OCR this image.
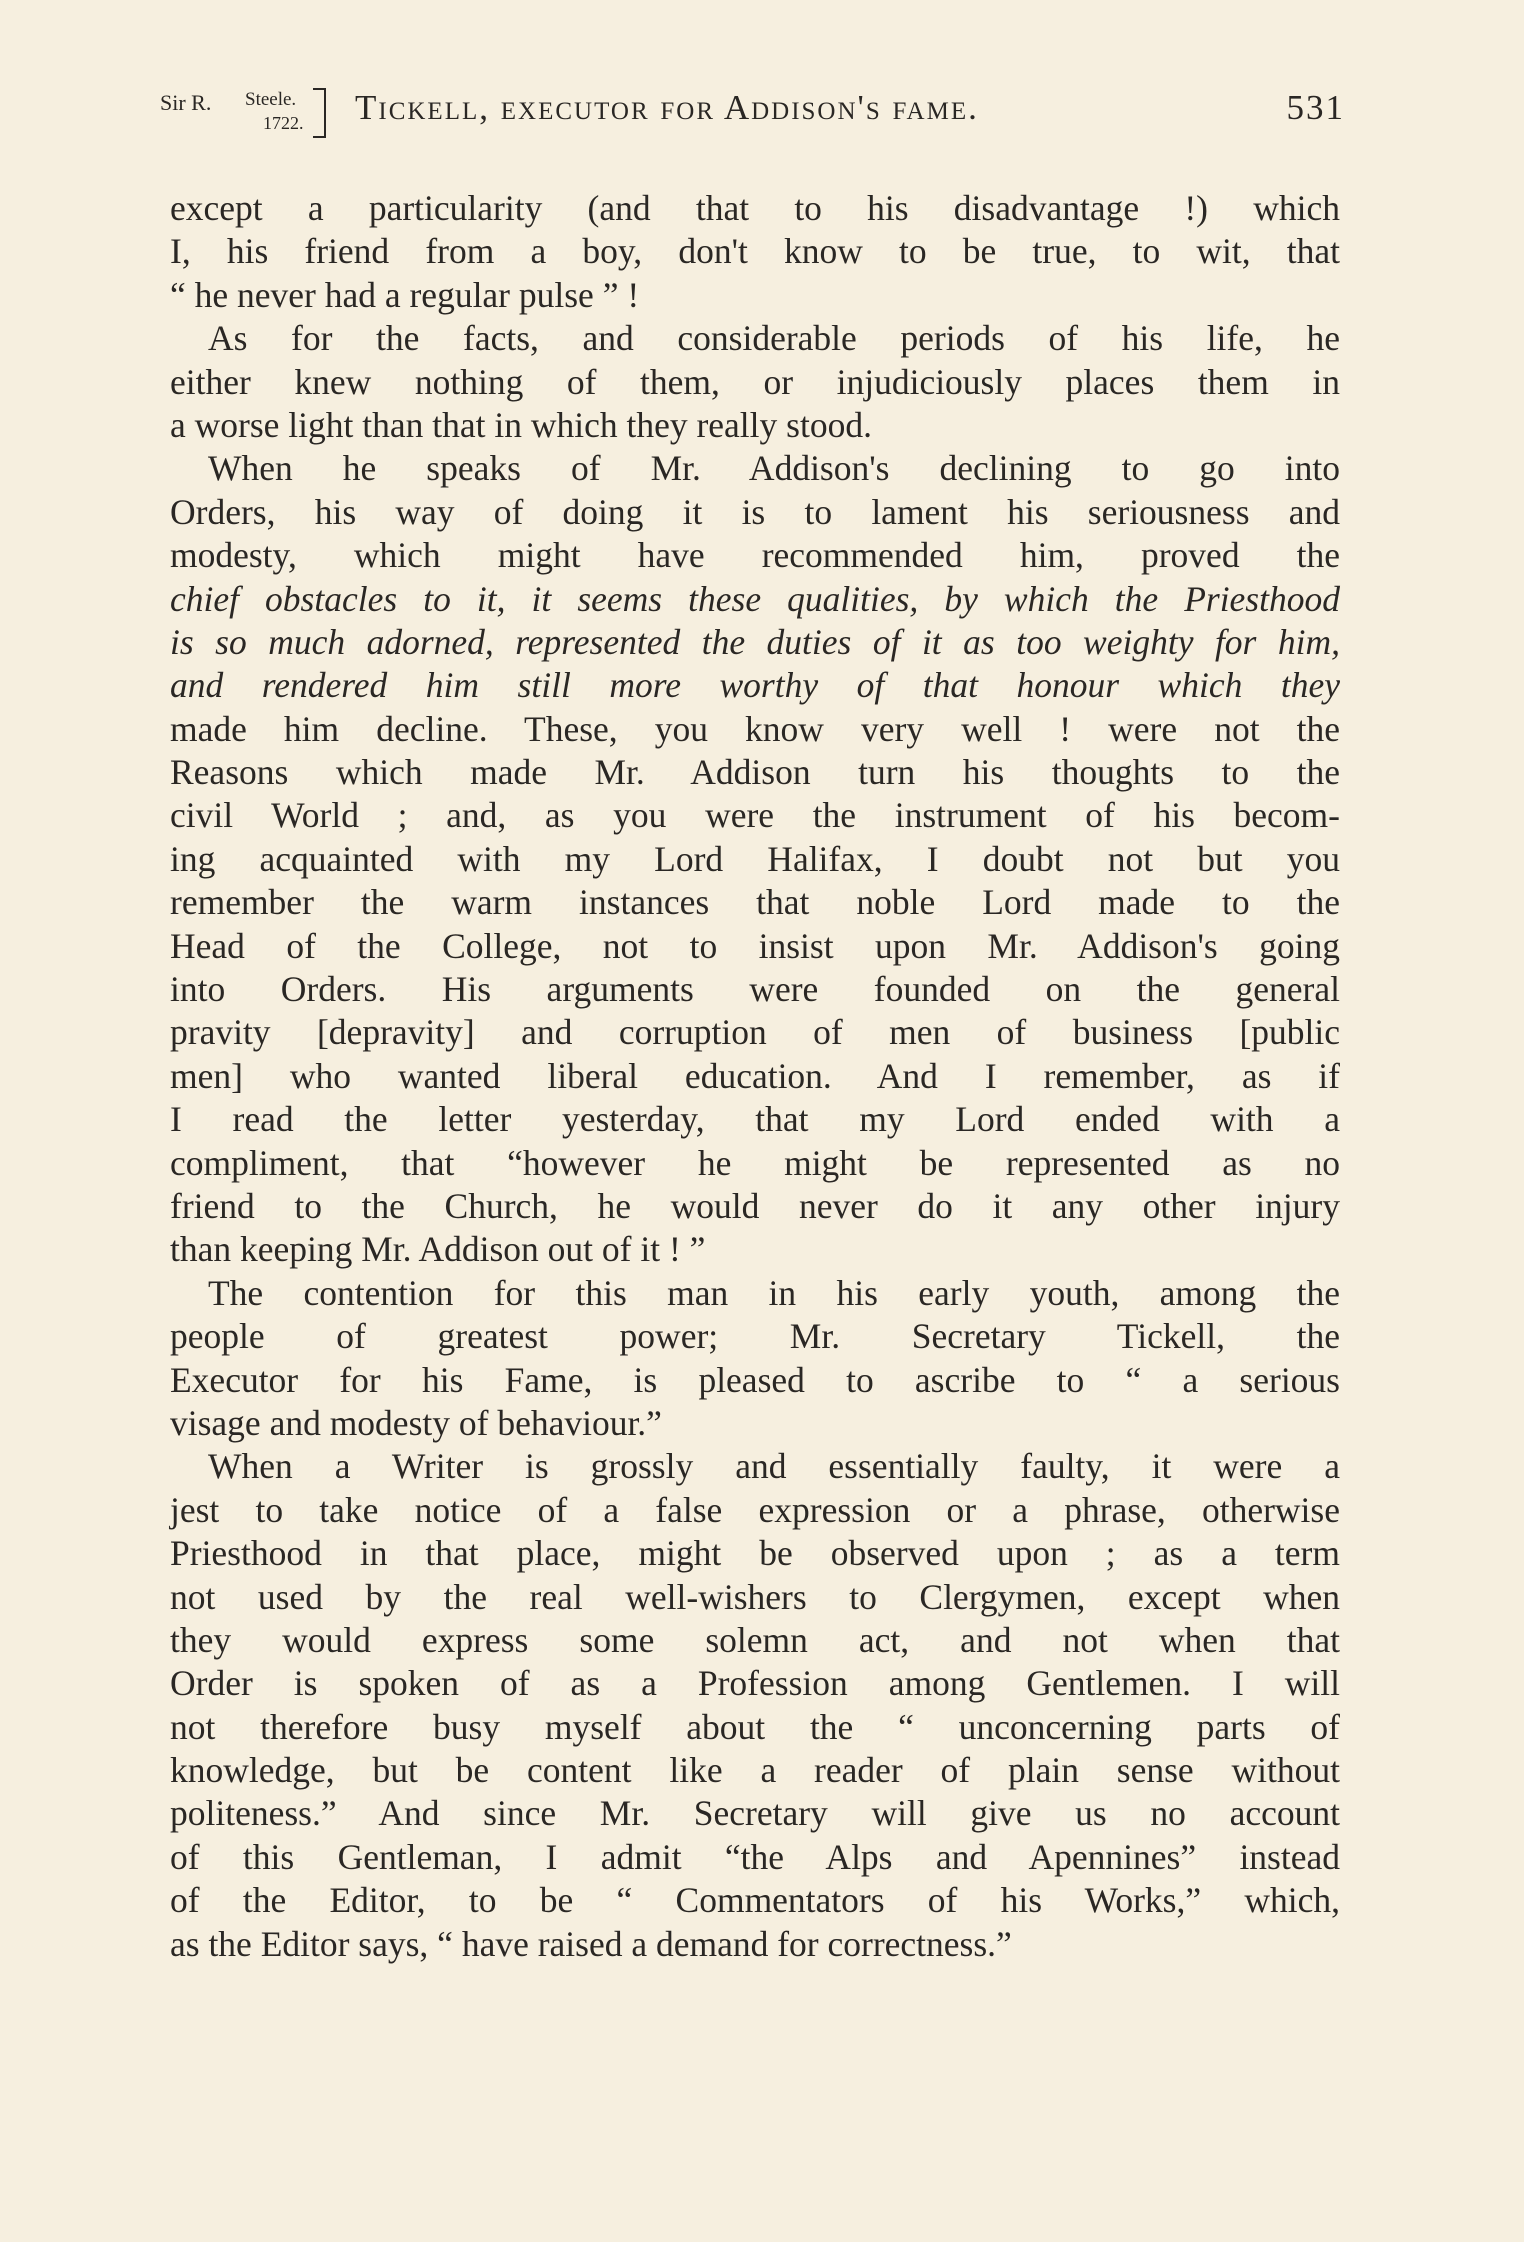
Sir R. Steele.
1722. Tickell, executor for Addison's fame.	531
except a particularity (and that to his disadvantage !) which
I, his friend from a boy, don't know to be true, to wit, that
“ he never had a regular pulse ” !
As for the facts, and considerable periods of his life, he
either knew nothing of them, or injudiciously places them in
a worse light than that in which they really stood.
When he speaks of Mr. Addison's declining to go into
Orders, his way of doing it is to lament his seriousness and
modesty, which might have recommended him, proved the
chief obstacles to it, it seems these qualities, by which the Priesthood
is so much adorned, represented the duties of it as too weighty for him,
and rendered him still more worthy of that honour which they
made him decline. These, you know very well ! were not the
Reasons which made Mr. Addison turn his thoughts to the
civil World ; and, as you were the instrument of his becom-
ing acquainted with my Lord Halifax, I doubt not but you
remember the warm instances that noble Lord made to the
Head of the College, not to insist upon Mr. Addison's going
into Orders. His arguments were founded on the general
pravity [depravity] and corruption of men of business [public
men] who wanted liberal education. And I remember, as if
I read the letter yesterday, that my Lord ended with a
compliment, that “however he might be represented as no
friend to the Church, he would never do it any other injury
than keeping Mr. Addison out of it ! ”
The contention for this man in his early youth, among the
people of greatest power; Mr. Secretary Tickell, the
Executor for his Fame, is pleased to ascribe to “ a serious
visage and modesty of behaviour.”
When a Writer is grossly and essentially faulty, it were a
jest to take notice of a false expression or a phrase, otherwise
Priesthood in that place, might be observed upon ; as a term
not used by the real well-wishers to Clergymen, except when
they would express some solemn act, and not when that
Order is spoken of as a Profession among Gentlemen. I will
not therefore busy myself about the “ unconcerning parts of
knowledge, but be content like a reader of plain sense without
politeness.” And since Mr. Secretary will give us no account
of this Gentleman, I admit “the Alps and Apennines” instead
of the Editor, to be “ Commentators of his Works,” which,
as the Editor says, “ have raised a demand for correctness.”
